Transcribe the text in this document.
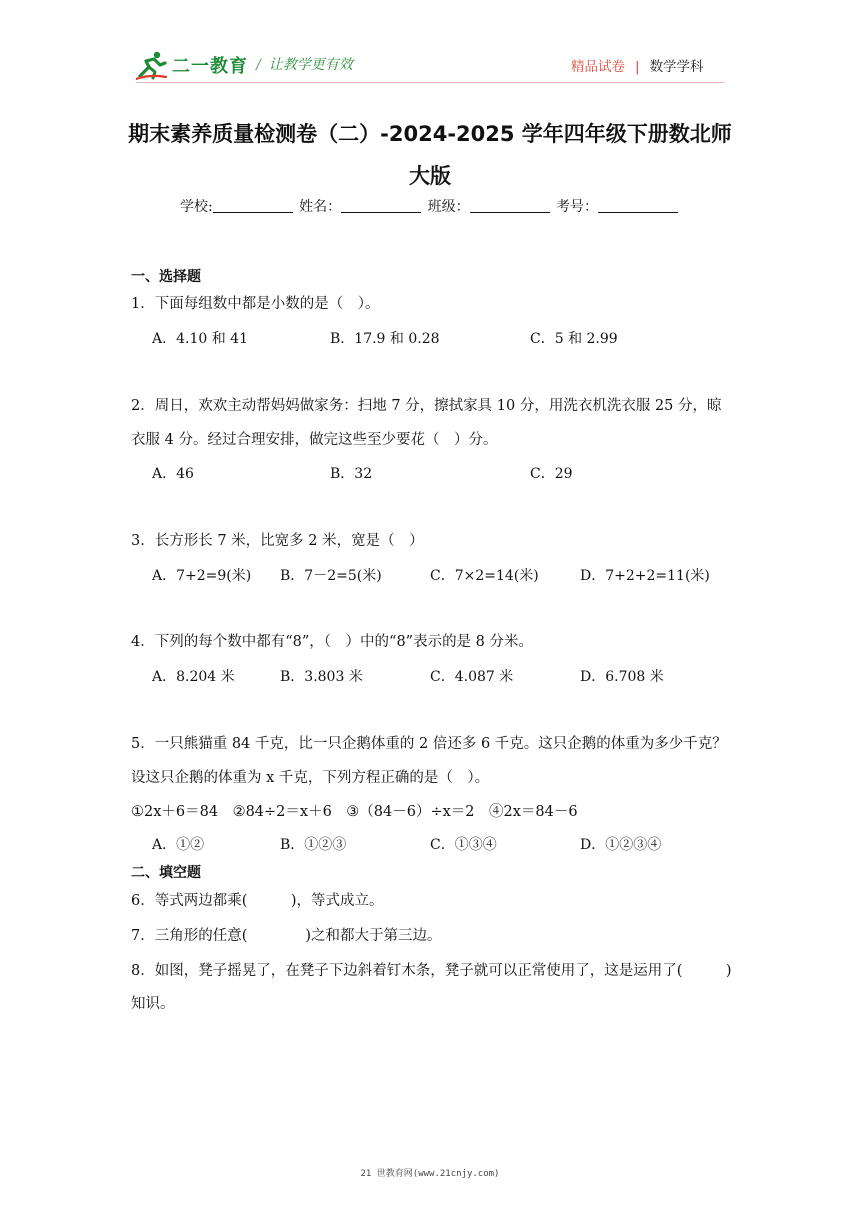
二一教育 / 让教学更有效	精品试卷 | 数学学科
期末素养质量检测卷（二）-2024-2025 学年四年级下册数北师
大版
学校:	姓名：	班级：	考号：
一、选择题
1．下面每组数中都是小数的是（　）。
A．4.10 和 41	B．17.9 和 0.28	C．5 和 2.99
2．周日，欢欢主动帮妈妈做家务：扫地 7 分，擦拭家具 10 分，用洗衣机洗衣服 25 分，晾
衣服 4 分。经过合理安排，做完这些至少要花（　）分。
A．46	B．32	C．29
3．长方形长 7 米，比宽多 2 米，宽是（　）
A．7+2=9(米) B．7－2=5(米)	C．7×2=14(米)	D．7+2+2=11(米)
4．下列的每个数中都有“8”，（　）中的“8”表示的是 8 分米。
A．8.204 米	B．3.803 米	C．4.087 米	D．6.708 米
5．一只熊猫重 84 千克，比一只企鹅体重的 2 倍还多 6 千克。这只企鹅的体重为多少千克？
设这只企鹅的体重为 x 千克，下列方程正确的是（　）。
①2x＋6＝84　②84÷2＝x＋6　③（84－6）÷x＝2　④2x＝84－6
A．①②	B．①②③	C．①③④	D．①②③④
二、填空题
6．等式两边都乘(　　　)，等式成立。
7．三角形的任意(　　　　)之和都大于第三边。
8．如图，凳子摇晃了，在凳子下边斜着钉木条，凳子就可以正常使用了，这是运用了(　　　)
知识。
21 世教育网(www.21cnjy.com)
